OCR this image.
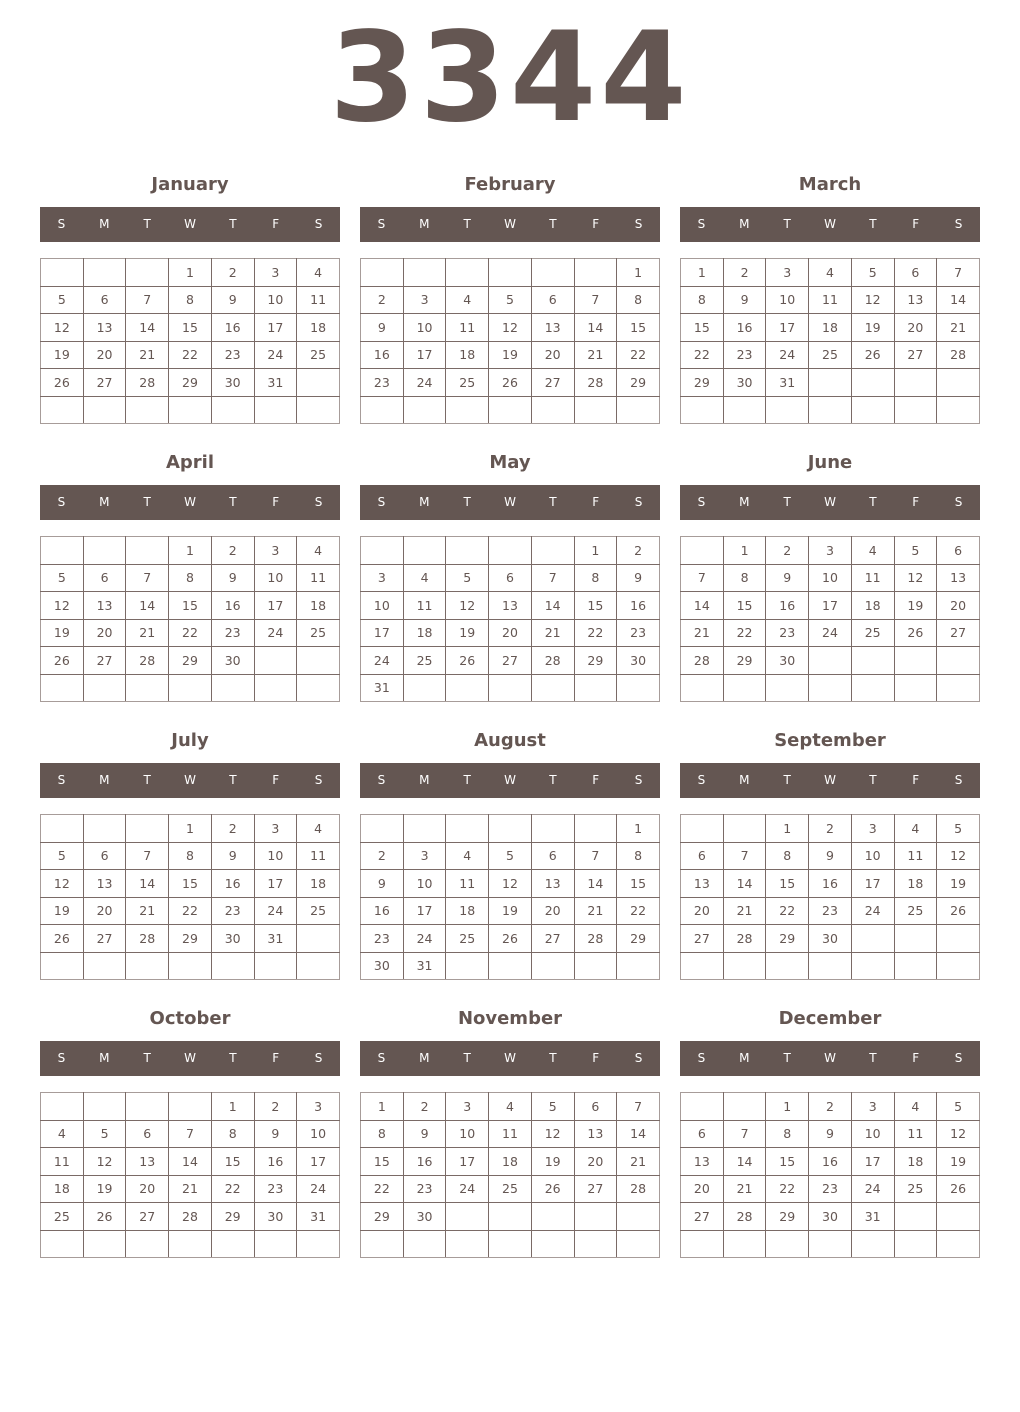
3344
January
S	M	T	W	T	F	S
			1	2	3	4
5	6	7	8	9	10	11
12	13	14	15	16	17	18
19	20	21	22	23	24	25
26	27	28	29	30	31	

February
S	M	T	W	T	F	S
						1
2	3	4	5	6	7	8
9	10	11	12	13	14	15
16	17	18	19	20	21	22
23	24	25	26	27	28	29

March
S	M	T	W	T	F	S
1	2	3	4	5	6	7
8	9	10	11	12	13	14
15	16	17	18	19	20	21
22	23	24	25	26	27	28
29	30	31				

April
S	M	T	W	T	F	S
			1	2	3	4
5	6	7	8	9	10	11
12	13	14	15	16	17	18
19	20	21	22	23	24	25
26	27	28	29	30		

May
S	M	T	W	T	F	S
					1	2
3	4	5	6	7	8	9
10	11	12	13	14	15	16
17	18	19	20	21	22	23
24	25	26	27	28	29	30
31						
June
S	M	T	W	T	F	S
	1	2	3	4	5	6
7	8	9	10	11	12	13
14	15	16	17	18	19	20
21	22	23	24	25	26	27
28	29	30				

July
S	M	T	W	T	F	S
			1	2	3	4
5	6	7	8	9	10	11
12	13	14	15	16	17	18
19	20	21	22	23	24	25
26	27	28	29	30	31	

August
S	M	T	W	T	F	S
						1
2	3	4	5	6	7	8
9	10	11	12	13	14	15
16	17	18	19	20	21	22
23	24	25	26	27	28	29
30	31					
September
S	M	T	W	T	F	S
		1	2	3	4	5
6	7	8	9	10	11	12
13	14	15	16	17	18	19
20	21	22	23	24	25	26
27	28	29	30			

October
S	M	T	W	T	F	S
				1	2	3
4	5	6	7	8	9	10
11	12	13	14	15	16	17
18	19	20	21	22	23	24
25	26	27	28	29	30	31

November
S	M	T	W	T	F	S
1	2	3	4	5	6	7
8	9	10	11	12	13	14
15	16	17	18	19	20	21
22	23	24	25	26	27	28
29	30					

December
S	M	T	W	T	F	S
		1	2	3	4	5
6	7	8	9	10	11	12
13	14	15	16	17	18	19
20	21	22	23	24	25	26
27	28	29	30	31		
